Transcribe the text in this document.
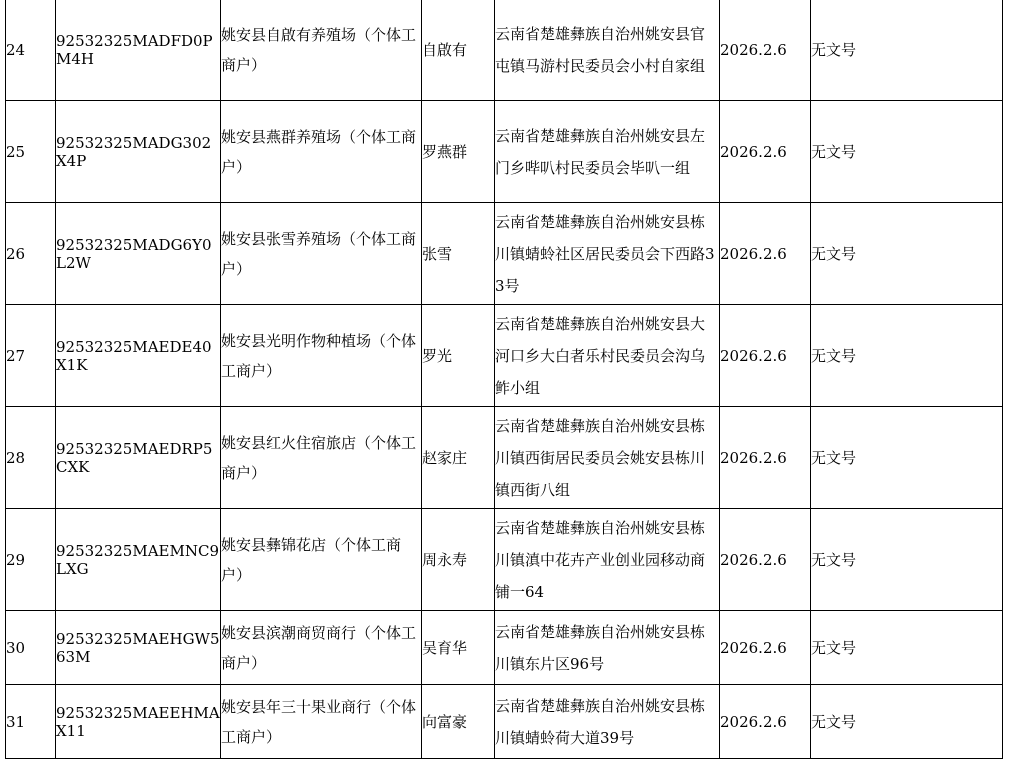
24	92532325MADFD0PM4H	姚安县自啟有养殖场（个体工商户）	自啟有	云南省楚雄彝族自治州姚安县官屯镇马游村民委员会小村自家组	2026.2.6	无文号
25	92532325MADG302X4P	姚安县燕群养殖场（个体工商户）	罗燕群	云南省楚雄彝族自治州姚安县左门乡哔叭村民委员会毕叭一组	2026.2.6	无文号
26	92532325MADG6Y0L2W	姚安县张雪养殖场（个体工商户）	张雪	云南省楚雄彝族自治州姚安县栋川镇蜻蛉社区居民委员会下西路33号	2026.2.6	无文号
27	92532325MAEDE40X1K	姚安县光明作物种植场（个体工商户）	罗光	云南省楚雄彝族自治州姚安县大河口乡大白者乐村民委员会沟乌鲊小组	2026.2.6	无文号
28	92532325MAEDRP5CXK	姚安县红火住宿旅店（个体工商户）	赵家庄	云南省楚雄彝族自治州姚安县栋川镇西街居民委员会姚安县栋川镇西街八组	2026.2.6	无文号
29	92532325MAEMNC9LXG	姚安县彝锦花店（个体工商户）	周永寿	云南省楚雄彝族自治州姚安县栋川镇滇中花卉产业创业园移动商铺一64	2026.2.6	无文号
30	92532325MAEHGW563M	姚安县滨潮商贸商行（个体工商户）	吴育华	云南省楚雄彝族自治州姚安县栋川镇东片区96号	2026.2.6	无文号
31	92532325MAEEHMAX11	姚安县年三十果业商行（个体工商户）	向富豪	云南省楚雄彝族自治州姚安县栋川镇蜻蛉荷大道39号	2026.2.6	无文号
